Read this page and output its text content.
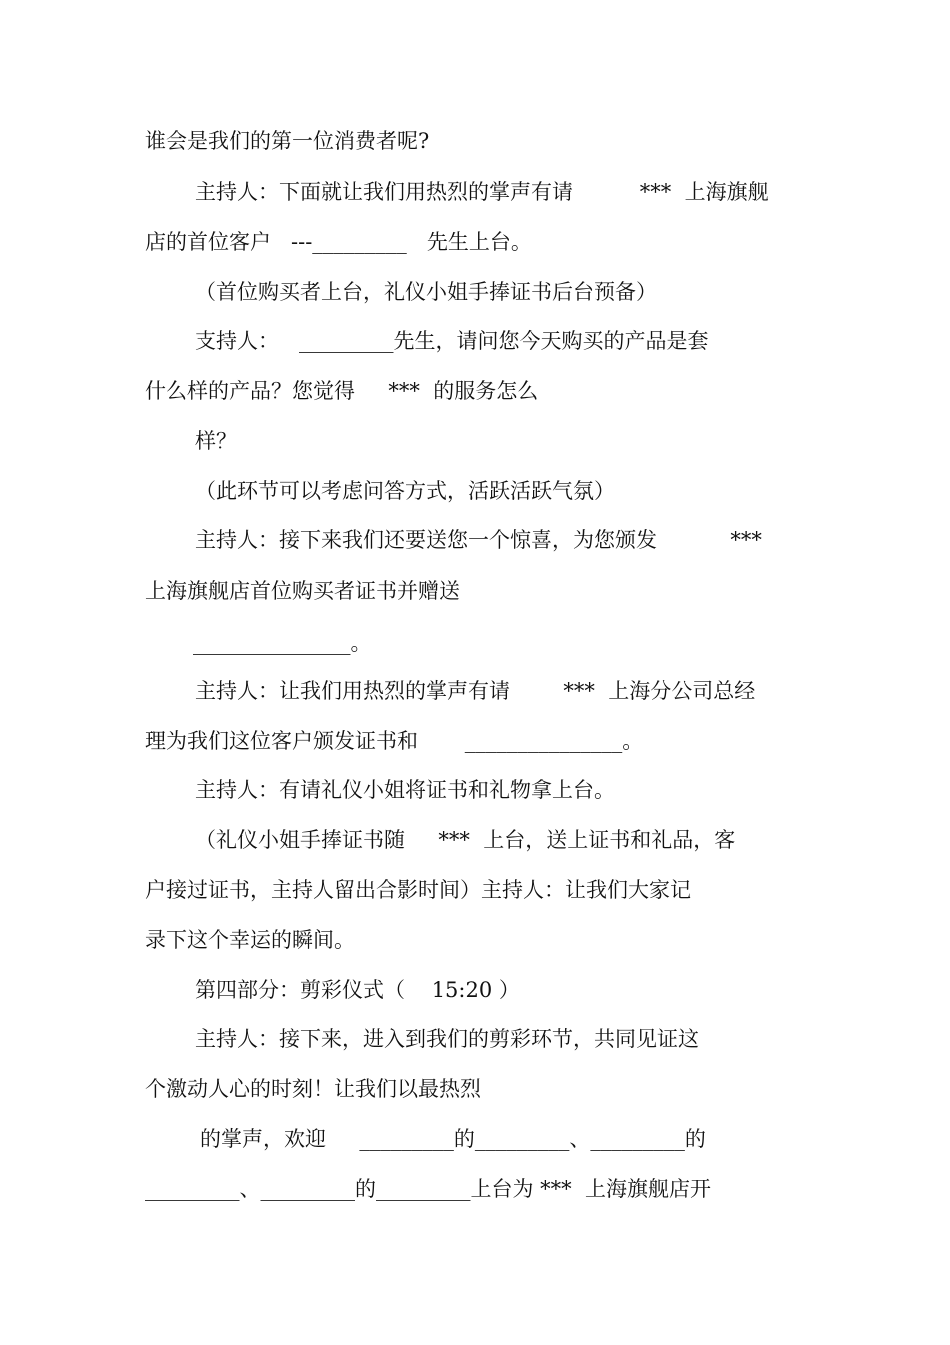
谁会是我们的第一位消费者呢?
主持人：下面就让我们用热烈的掌声有请          ***  上海旗舰
店的首位客户   ---_________   先生上台。
（首位购买者上台，礼仪小姐手捧证书后台预备）
支持人：   _________先生，请问您今天购买的产品是套
什么样的产品？您觉得     ***  的服务怎么
样？
（此环节可以考虑问答方式，活跃活跃气氛）
主持人：接下来我们还要送您一个惊喜，为您颁发           ***
上海旗舰店首位购买者证书并赠送
_______________。
主持人：让我们用热烈的掌声有请        ***  上海分公司总经
理为我们这位客户颁发证书和       _______________。
主持人：有请礼仪小姐将证书和礼物拿上台。
（礼仪小姐手捧证书随     ***  上台，送上证书和礼品，客
户接过证书，主持人留出合影时间）主持人：让我们大家记
录下这个幸运的瞬间。
第四部分：剪彩仪式（    15:20 ）
主持人：接下来，进入到我们的剪彩环节，共同见证这
个激动人心的时刻！让我们以最热烈
的掌声，欢迎     _________的_________、_________的
_________、_________的_________上台为 ***  上海旗舰店开
